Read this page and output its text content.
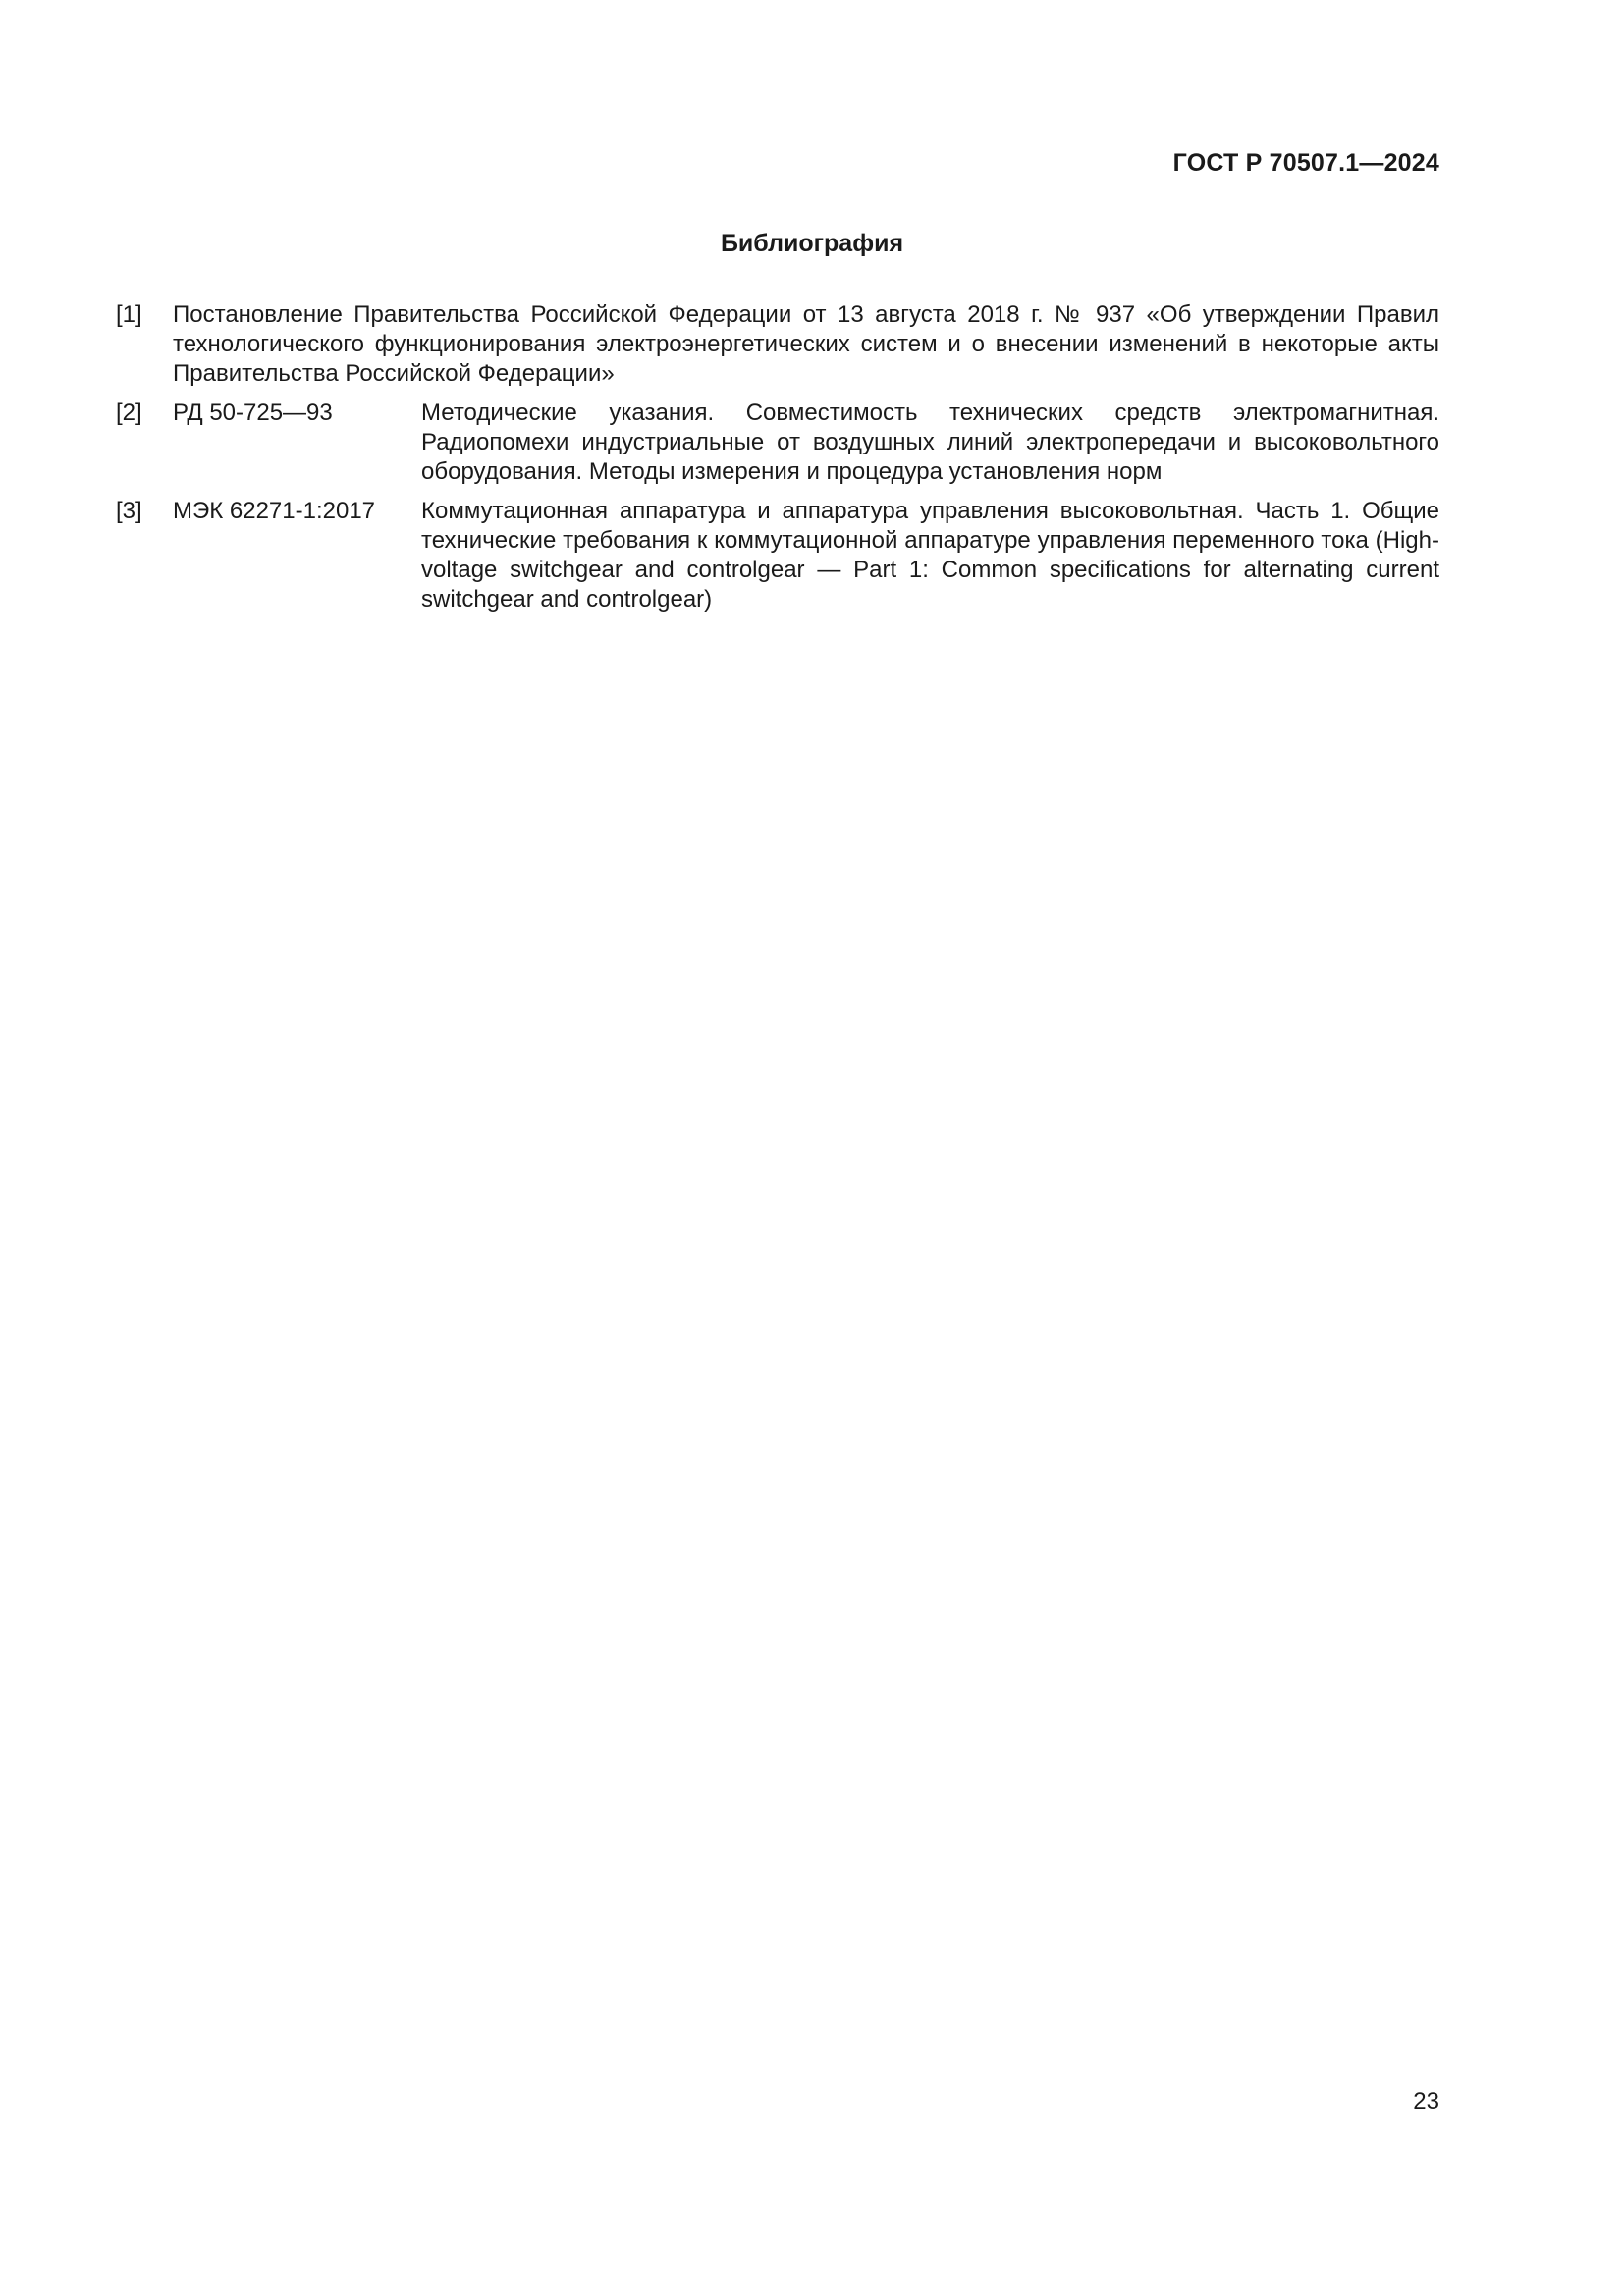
ГОСТ Р 70507.1—2024
Библиография
[1]	Постановление Правительства Российской Федерации от 13 августа 2018 г. № 937 «Об утверждении Правил технологического функционирования электроэнергетических систем и о внесении изменений в некоторые акты Правительства Российской Федерации»
[2]	РД 50-725—93	Методические указания. Совместимость технических средств электромагнитная. Радиопомехи индустриальные от воздушных линий электропередачи и высоковольтного оборудования. Методы измерения и процедура установления норм
[3]	МЭК 62271-1:2017	Коммутационная аппаратура и аппаратура управления высоковольтная. Часть 1. Общие технические требования к коммутационной аппаратуре управления переменного тока (High-voltage switchgear and controlgear — Part 1: Common specifications for alternating current switchgear and controlgear)
23
